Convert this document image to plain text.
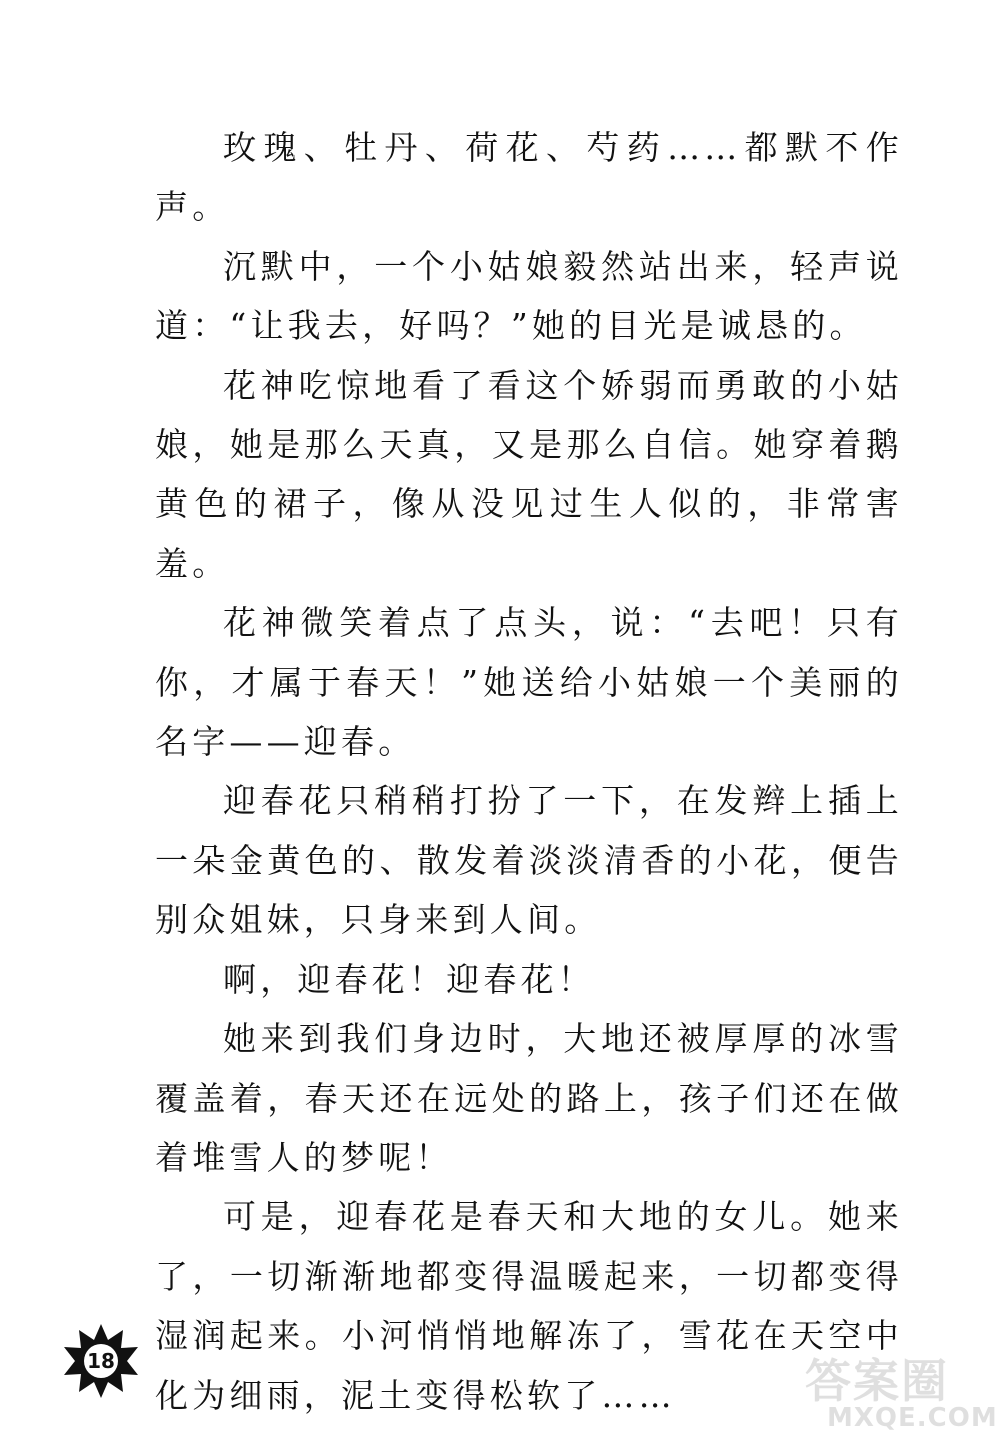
玫瑰、牡丹、荷花、芍药……都默不作声。

沉默中，一个小姑娘毅然站出来，轻声说道：“让我去，好吗？”她的目光是诚恳的。

花神吃惊地看了看这个娇弱而勇敢的小姑娘，她是那么天真，又是那么自信。她穿着鹅黄色的裙子，像从没见过生人似的，非常害羞。

花神微笑着点了点头，说：“去吧！只有你，才属于春天！”她送给小姑娘一个美丽的名字——迎春。

迎春花只稍稍打扮了一下，在发辫上插上一朵金黄色的、散发着淡淡清香的小花，便告别众姐妹，只身来到人间。

啊，迎春花！迎春花！

她来到我们身边时，大地还被厚厚的冰雪覆盖着，春天还在远处的路上，孩子们还在做着堆雪人的梦呢！

可是，迎春花是春天和大地的女儿。她来了，一切渐渐地都变得温暖起来，一切都变得湿润起来。小河悄悄地解冻了，雪花在天空中化为细雨，泥土变得松软了……

18	答案圈
MXQE.COM
